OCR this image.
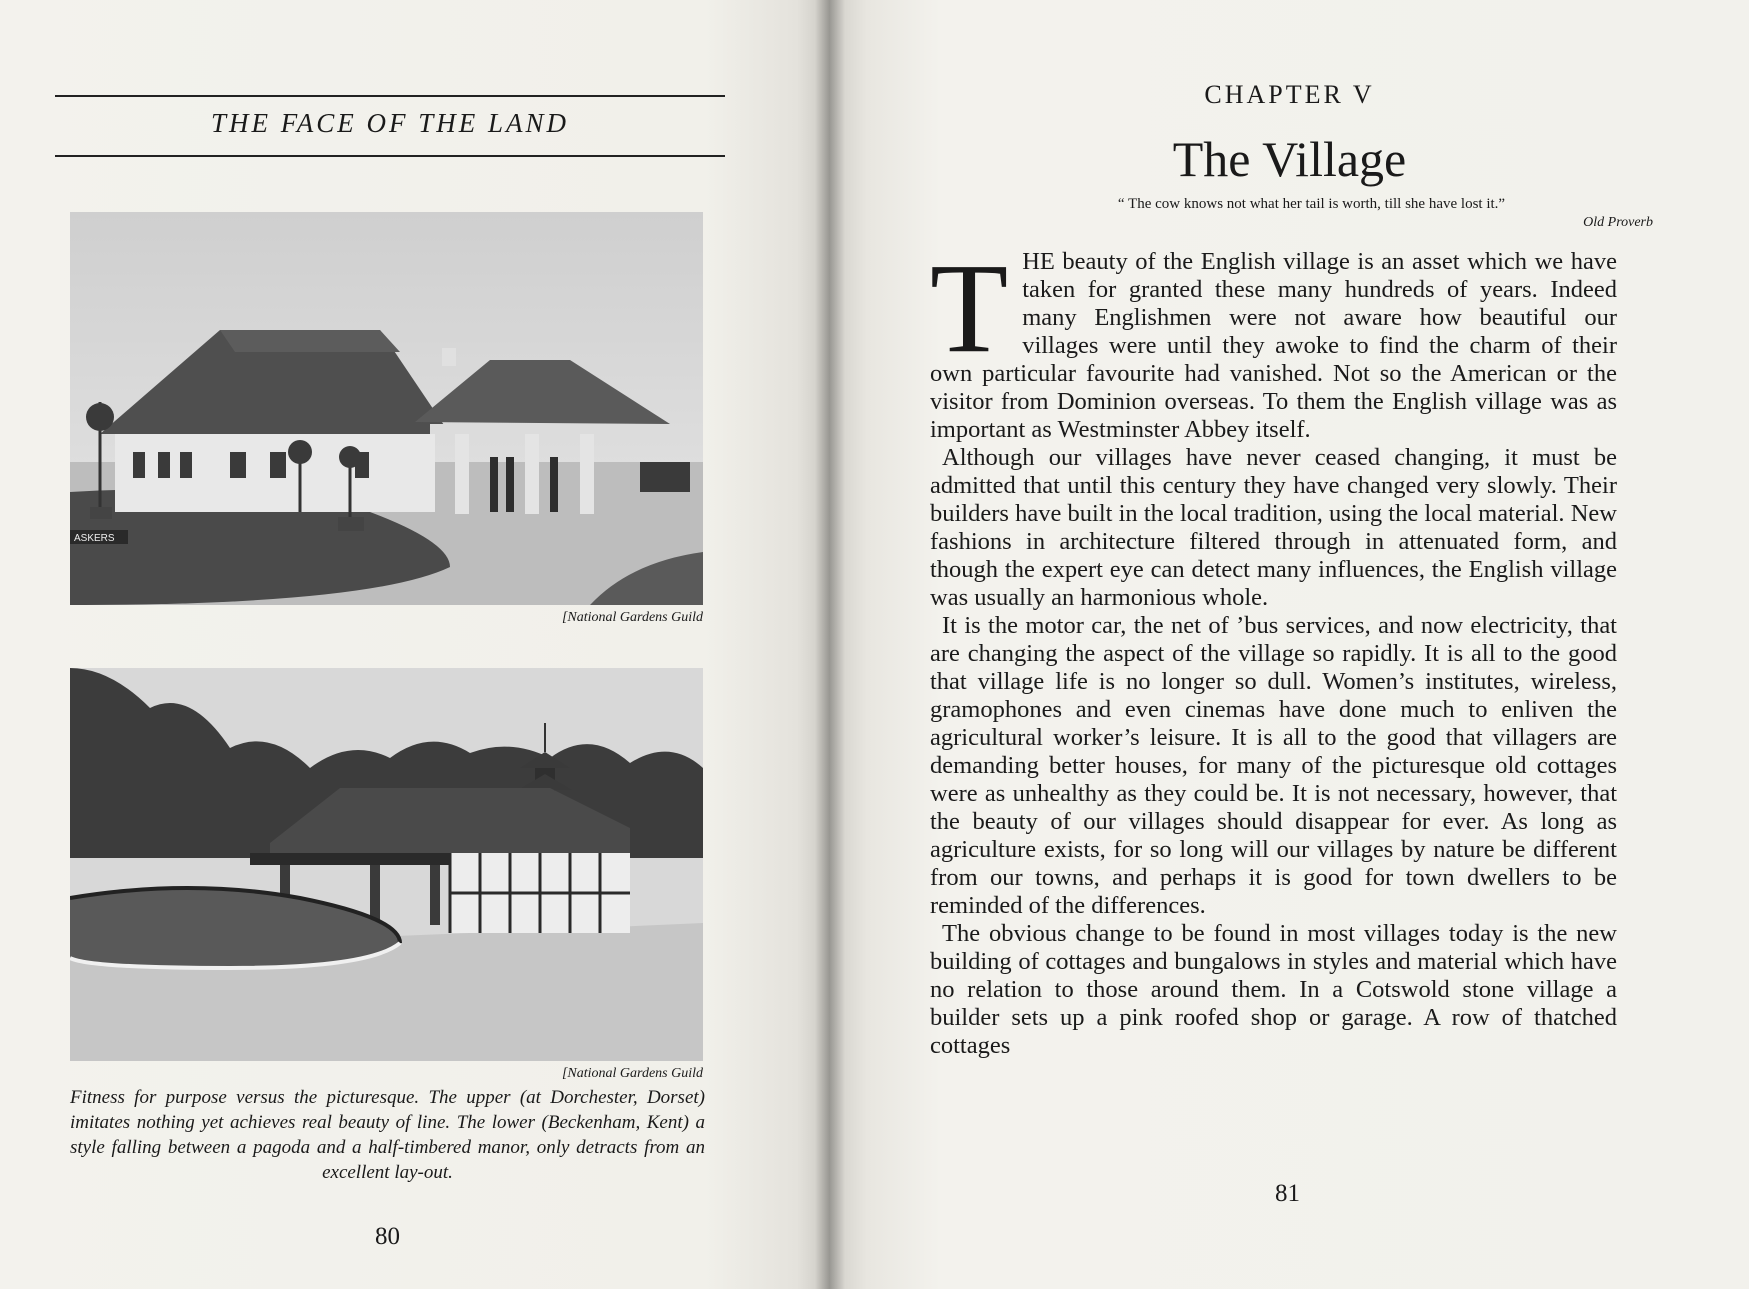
THE FACE OF THE LAND
ASKERS
[National Gardens Guild
[National Gardens Guild
Fitness for purpose versus the picturesque. The upper (at Dorchester, Dorset) imitates nothing yet achieves real beauty of line. The lower (Beckenham, Kent) a style falling between a pagoda and a half-timbered manor, only detracts from an excellent lay-out.
80
CHAPTER V
The Village
“ The cow knows not what her tail is worth, till she have lost it.”
Old Proverb

THE beauty of the English village is an asset which we have taken for granted these many hundreds of years. Indeed many Englishmen were not aware how beautiful our villages were until they awoke to find the charm of their own particular favourite had vanished. Not so the American or the visitor from Dominion overseas. To them the English village was as important as Westminster Abbey itself.

Although our villages have never ceased changing, it must be admitted that until this century they have changed very slowly. Their builders have built in the local tradition, using the local material. New fashions in architecture filtered through in attenuated form, and though the expert eye can detect many influences, the English village was usually an harmonious whole.

It is the motor car, the net of ’bus services, and now electricity, that are changing the aspect of the village so rapidly. It is all to the good that village life is no longer so dull. Women’s institutes, wireless, gramophones and even cinemas have done much to enliven the agricultural worker’s leisure. It is all to the good that villagers are demanding better houses, for many of the picturesque old cottages were as unhealthy as they could be. It is not necessary, however, that the beauty of our villages should disappear for ever. As long as agriculture exists, for so long will our villages by nature be different from our towns, and perhaps it is good for town dwellers to be reminded of the differences.

The obvious change to be found in most villages today is the new building of cottages and bungalows in styles and material which have no relation to those around them. In a Cotswold stone village a builder sets up a pink roofed shop or garage. A row of thatched cottages

81
